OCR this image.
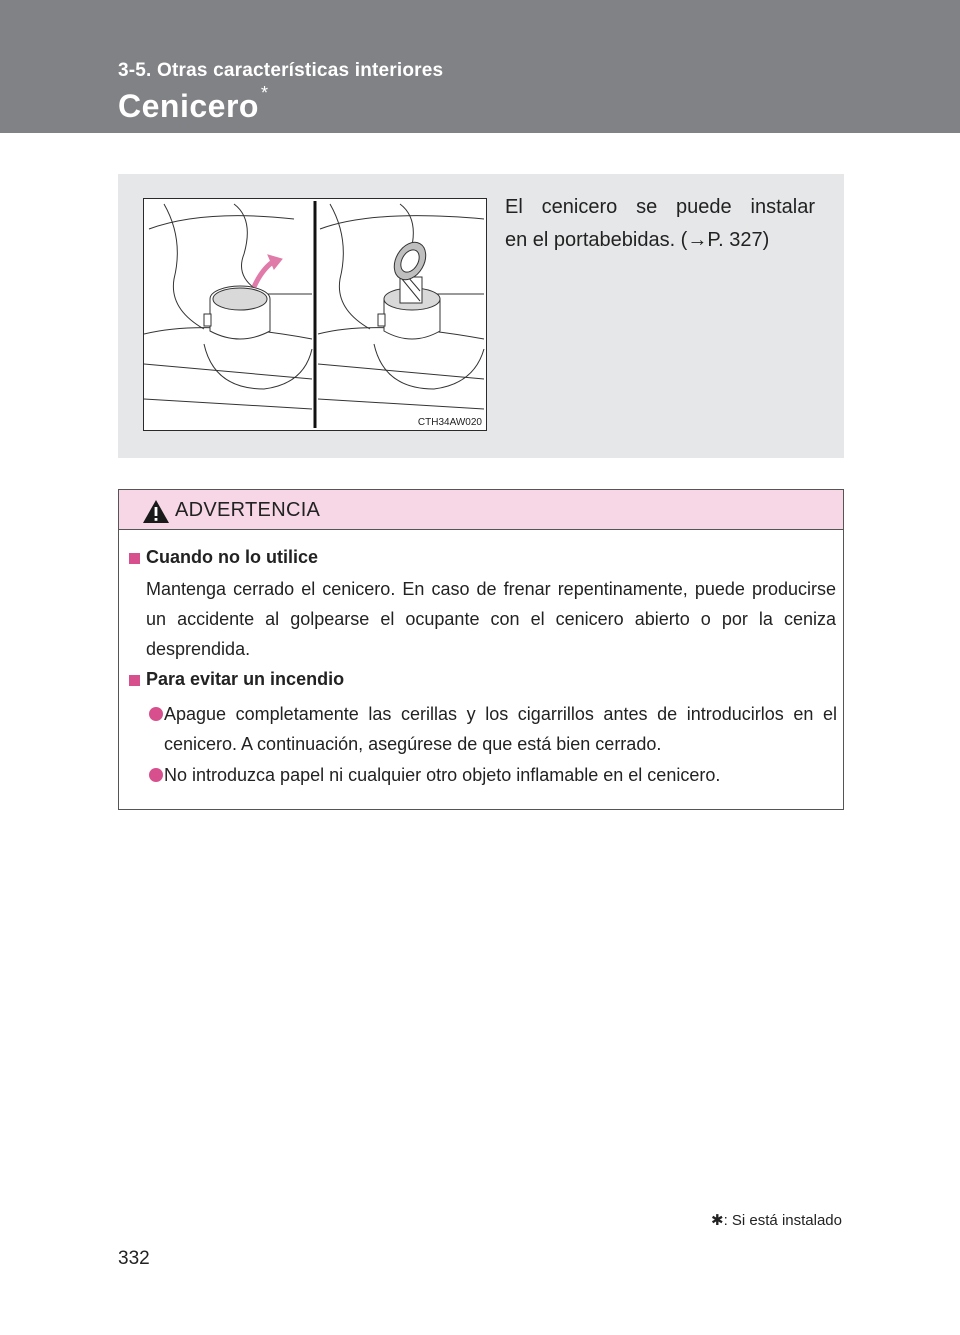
3-5. Otras características interiores
Cenicero *
CTH34AW020
El cenicero se puede instalar
en el portabebidas. (→P. 327)
ADVERTENCIA
Cuando no lo utilice
Mantenga cerrado el cenicero. En caso de frenar repentinamente, puede producirse un accidente al golpearse el ocupante con el cenicero abierto o por la ceniza desprendida.
Para evitar un incendio
Apague completamente las cerillas y los cigarrillos antes de introducirlos en el cenicero. A continuación, asegúrese de que está bien cerrado.
No introduzca papel ni cualquier otro objeto inflamable en el cenicero.
✱: Si está instalado
332
